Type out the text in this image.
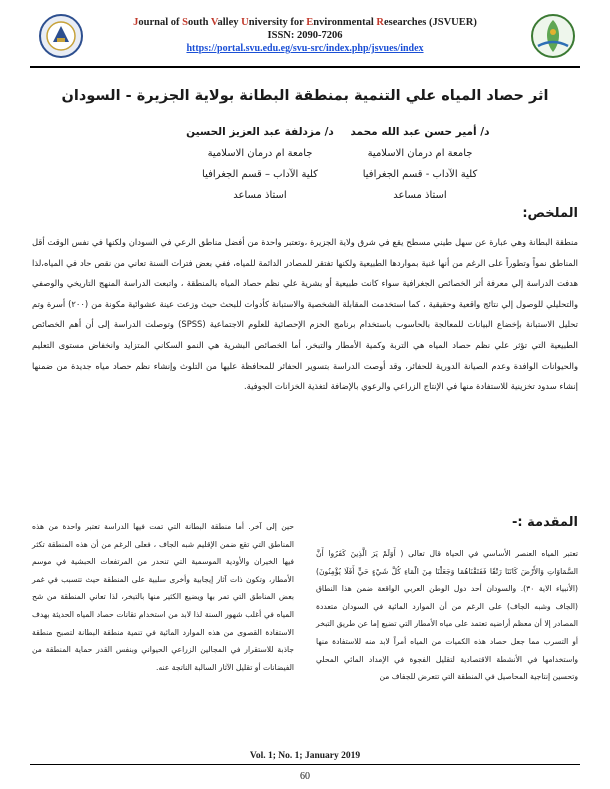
Journal of South Valley University for Environmental Researches (JSVUER)
ISSN: 2090-7206
https://portal.svu.edu.eg/svu-src/index.php/jsvues/index
اثر حصاد المياه علي التنمية بمنطقة البطانة بولاية الجزيرة - السودان
د/ أمير حسن عبد الله محمد
جامعة ام درمان الاسلامية
كلية الآداب - قسم الجغرافيا
استاذ مساعد
د/ مزدلفة عبد العزيز الحسين
جامعة ام درمان الاسلامية
كلية الآداب – قسم الجغرافيا
استاذ مساعد
الملخص:
منطقة البطانة وهي عبارة عن سهل طيني مسطح يقع في شرق ولاية الجزيرة ،وتعتبر واحدة من أفضل مناطق الرعي في السودان ولكنها في نفس الوقت أقل المناطق نمواً وتطوراً على الرغم من أنها غنية بمواردها الطبيعية ولكنها تفتقر للمصادر الدائمة للمياه، ففي بعض فترات السنة تعاني من نقص حاد في المياه،لذا هدفت الدراسة إلي معرفة أثر الخصائص الجغرافية سواء كانت طبيعية أو بشرية علي نظم حصاد المياه بالمنطقة ، واتبعت الدراسة المنهج التاريخي والوصفي والتحليلي للوصول إلي نتائج واقعية وحقيقية ، كما استخدمت المقابلة الشخصية والاستبانة كأدوات للبحث حيث وزعت عينة عشوائية مكونة من (٢٠٠) أسرة وتم تحليل الاستبانة بإخضاع البيانات للمعالجة بالحاسوب باستخدام برنامج الحزم الإحصائية للعلوم الاجتماعية (SPSS) وتوصلت الدراسة إلى أن أهم الخصائص الطبيعية التي تؤثر علي نظم حصاد المياه هي التربة وكمية الأمطار والتبخر، أما الخصائص البشرية هي النمو السكاني المتزايد وانخفاض مستوى التعليم والحيوانات الوافدة وعدم الصيانة الدورية للحفائر، وقد أوصت الدراسة بتسوير الحفائر للمحافظة عليها من التلوث وإنشاء نظم حصاد مياه جديدة من ضمنها إنشاء سدود تخزينية للاستفادة منها في الإنتاج الزراعي والرعوي بالإضافة لتغذية الخزانات الجوفية.
المقدمة :-
تعتبر المياه العنصر الأساسي في الحياة قال تعالى ( أَوَلَمْ يَرَ الَّذِينَ كَفَرُوا أَنَّ السَّمَاوَاتِ وَالأَرْضَ كَانَتَا رَتْقًا فَفَتَقْنَاهُمَا وَجَعَلْنَا مِنَ الْمَاءِ كُلَّ شَيْءٍ حَيٍّ أَفَلَا يُؤْمِنُونَ) (الأنبياء الاية ٣٠). والسودان أحد دول الوطن العربي الواقعة ضمن هذا النطاق (الجاف وشبه الجاف) على الرغم من أن الموارد المائية في السودان متعددة المصادر إلا أن معظم أراضيه تعتمد على مياه الأمطار التي تضيع إما عن طريق التبخر أو التسرب مما جعل حصاد هذه الكميات من المياه أمراً لابد منه للاستفادة منها واستخدامها في الأنشطة الاقتصادية لتقليل الفجوة في الإمداد المائي المحلي وتحسين إنتاجية المحاصيل في المنطقة التي تتعرض للجفاف من
حين إلى آخر. أما منطقة البطانة التي تمت فيها الدراسة تعتبر واحدة من هذه المناطق التي تقع ضمن الإقليم شبه الجاف ، فعلى الرغم من أن هذه المنطقة تكثر فيها الخيران والأودية الموسمية التي تنحدر من المرتفعات الحبشية في موسم الأمطار، وتكون ذات آثار إيجابية وأخرى سلبية على المنطقة حيث تتسبب في غمر بعض المناطق التي تمر بها ويضيع الكثير منها بالتبخر، لذا تعاني المنطقة من شح المياه في أغلب شهور السنة لذا لابد من استخدام تقانات حصاد المياه الحديثة بهدف الاستفادة القصوى من هذه الموارد المائية في تنمية منطقة البطانة لتصبح منطقة جاذبة للاستقرار في المجالين الزراعي الحيواني وبنفس القدر حماية المنطقة من الفيضانات أو تقليل الآثار السالبة الناتجة عنه.
Vol. 1; No. 1; January 2019
60
